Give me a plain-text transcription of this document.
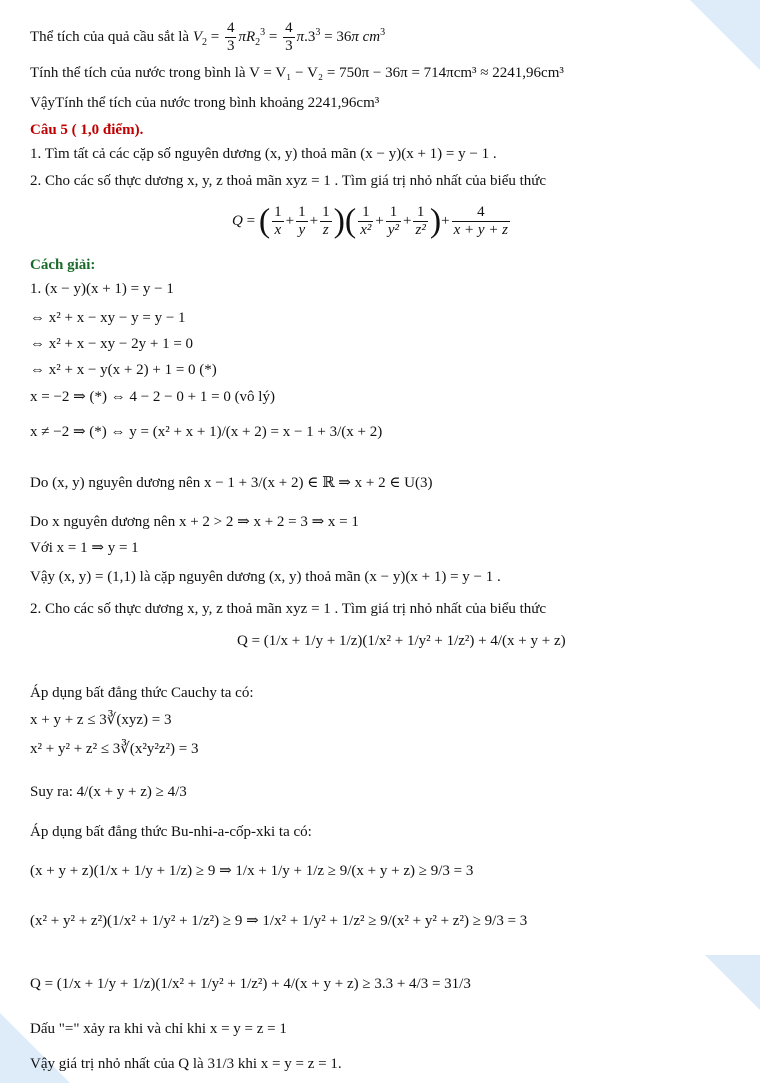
Thể tích của quả cầu sắt là $V_2 = \frac{4}{3} \pi R_2^3 = \frac{4}{3} \pi.3^3 = 36\pi$ $cm^3$
Tính thể tích của nước trong bình là V = V₁ − V₂ = 750π − 36π = 714πcm³ ≈ 2241,96cm³
VậyTính thể tích của nước trong bình khoảng 2241,96cm³
Câu 5 ( 1,0 điểm).
1. Tìm tất cả các cặp số nguyên dương (x, y) thoả mãn (x − y)(x + 1) = y − 1 .
2. Cho các số thực dương x, y, z thoả mãn xyz = 1 . Tìm giá trị nhỏ nhất của biểu thức
Q = ( $\frac{1}{x} + \frac{1}{y} + \frac{1}{z}$ )( $\frac{1}{\text{x²}} + \frac{1}{\text{y²}} + \frac{1}{\text{z²}}$ )+ $\frac{4}{x + y + z}$
Cách giải:
1. (x − y)(x + 1) = y − 1
⇔ x² + x − xy − y = y − 1
⇔ x² + x − xy − 2y + 1 = 0
⇔ x² + x − y(x + 2) + 1 = 0 (*)
x = −2 ⇒ (*) ⇔ 4 − 2 − 0 + 1 = 0 (vô lý)
x ≠ −2 ⇒ (*) ⇔ y = (x² + x + 1)/(x + 2) = x − 1 + 3/(x + 2)
Do (x, y) nguyên dương nên x − 1 + 3/(x + 2) ∈ ℝ ⇒ x + 2 ∈ U(3)
Do x nguyên dương nên x + 2 > 2 ⇒ x + 2 = 3 ⇒ x = 1
Với x = 1 ⇒ y = 1
Vậy (x, y) = (1,1) là cặp nguyên dương (x, y) thoả mãn (x − y)(x + 1) = y − 1 .
2. Cho các số thực dương x, y, z thoả mãn xyz = 1 . Tìm giá trị nhỏ nhất của biểu thức
Q = (1/x + 1/y + 1/z)(1/x² + 1/y² + 1/z²) + 4/(x + y + z)
Áp dụng bất đẳng thức Cauchy ta có:
x + y + z ≤ 3∛(xyz) = 3
x² + y² + z² ≤ 3∛(x²y²z²) = 3
Suy ra: 4/(x + y + z) ≥ 4/3
Áp dụng bất đẳng thức Bu-nhi-a-cốp-xki ta có:
(x + y + z)(1/x + 1/y + 1/z) ≥ 9 ⇒ 1/x + 1/y + 1/z ≥ 9/(x + y + z) ≥ 9/3 = 3
(x² + y² + z²)(1/x² + 1/y² + 1/z²) ≥ 9 ⇒ 1/x² + 1/y² + 1/z² ≥ 9/(x² + y² + z²) ≥ 9/3 = 3
Q = (1/x + 1/y + 1/z)(1/x² + 1/y² + 1/z²) + 4/(x + y + z) ≥ 3.3 + 4/3 = 31/3
Dấu "=" xảy ra khi và chỉ khi x = y = z = 1
Vậy giá trị nhỏ nhất của Q là 31/3 khi x = y = z = 1.
